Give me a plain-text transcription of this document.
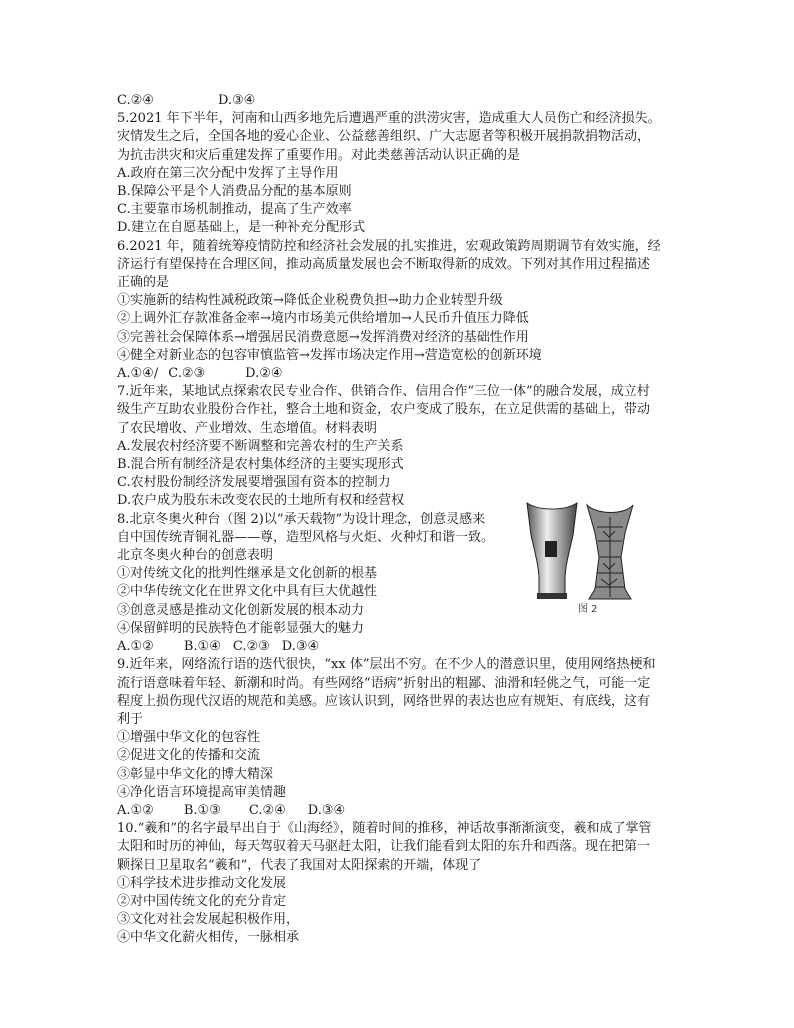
C.②④	D.③④
5.2021 年下半年，河南和山西多地先后遭遇严重的洪涝灾害，造成重大人员伤亡和经济损失。
灾情发生之后，全国各地的爱心企业、公益慈善组织、广大志愿者等积极开展捐款捐物活动，
为抗击洪灾和灾后重建发挥了重要作用。对此类慈善活动认识正确的是
A.政府在第三次分配中发挥了主导作用
B.保障公平是个人消费品分配的基本原则
C.主要靠市场机制推动，提高了生产效率
D.建立在自愿基础上，是一种补充分配形式
6.2021 年，随着统筹疫情防控和经济社会发展的扎实推进，宏观政策跨周期调节有效实施，经
济运行有望保持在合理区间，推动高质量发展也会不断取得新的成效。下列对其作用过程描述
正确的是
①实施新的结构性减税政策→降低企业税费负担→助力企业转型升级
②上调外汇存款准备金率→境内市场美元供给增加→人民币升值压力降低
③完善社会保障体系→增强居民消费意愿→发挥消费对经济的基础性作用
④健全对新业态的包容审慎监管→发挥市场决定作用→营造宽松的创新环境
A.①④/ C.②③	D.②④
7.近年来，某地试点探索农民专业合作、供销合作、信用合作“三位一体”的融合发展，成立村
级生产互助农业股份合作社，整合土地和资金，农户变成了股东，在立足供需的基础上，带动
了农民增收、产业增效、生态增值。材料表明
A.发展农村经济要不断调整和完善农村的生产关系
B.混合所有制经济是农村集体经济的主要实现形式
C.农村股份制经济发展要增强国有资本的控制力
D.农户成为股东未改变农民的土地所有权和经营权
8.北京冬奥火种台（图 2)以“承天载物”为设计理念，创意灵感来
自中国传统青铜礼器——尊，造型风格与火炬、火种灯和谐一致。
北京冬奥火种台的创意表明
①对传统文化的批判性继承是文化创新的根基
②中华传统文化在世界文化中具有巨大优越性
③创意灵感是推动文化创新发展的根本动力
④保留鲜明的民族特色才能彰显强大的魅力
A.①② B.①④ C.②③ D.③④
9.近年来，网络流行语的迭代很快，“xx 体”层出不穷。在不少人的潜意识里，使用网络热梗和
流行语意味着年轻、新潮和时尚。有些网络“语病”折射出的粗鄙、油滑和轻佻之气，可能一定
程度上损伤现代汉语的规范和美感。应该认识到，网络世界的表达也应有规矩、有底线，这有
利于
①增强中华文化的包容性
②促进文化的传播和交流
③彰显中华文化的博大精深
④净化语言环境提高审美情趣
A.①② B.①③ C.②④ D.③④
10.“羲和”的名字最早出自于《山海经》，随着时间的推移，神话故事渐渐演变，羲和成了掌管
太阳和时历的神仙，每天驾驭着天马驱赶太阳，让我们能看到太阳的东升和西落。现在把第一
颗探日卫星取名“羲和”，代表了我国对太阳探索的开端，体现了
①科学技术进步推动文化发展
②对中国传统文化的充分肯定
③文化对社会发展起积极作用，
④中华文化薪火相传，一脉相承
图 2
